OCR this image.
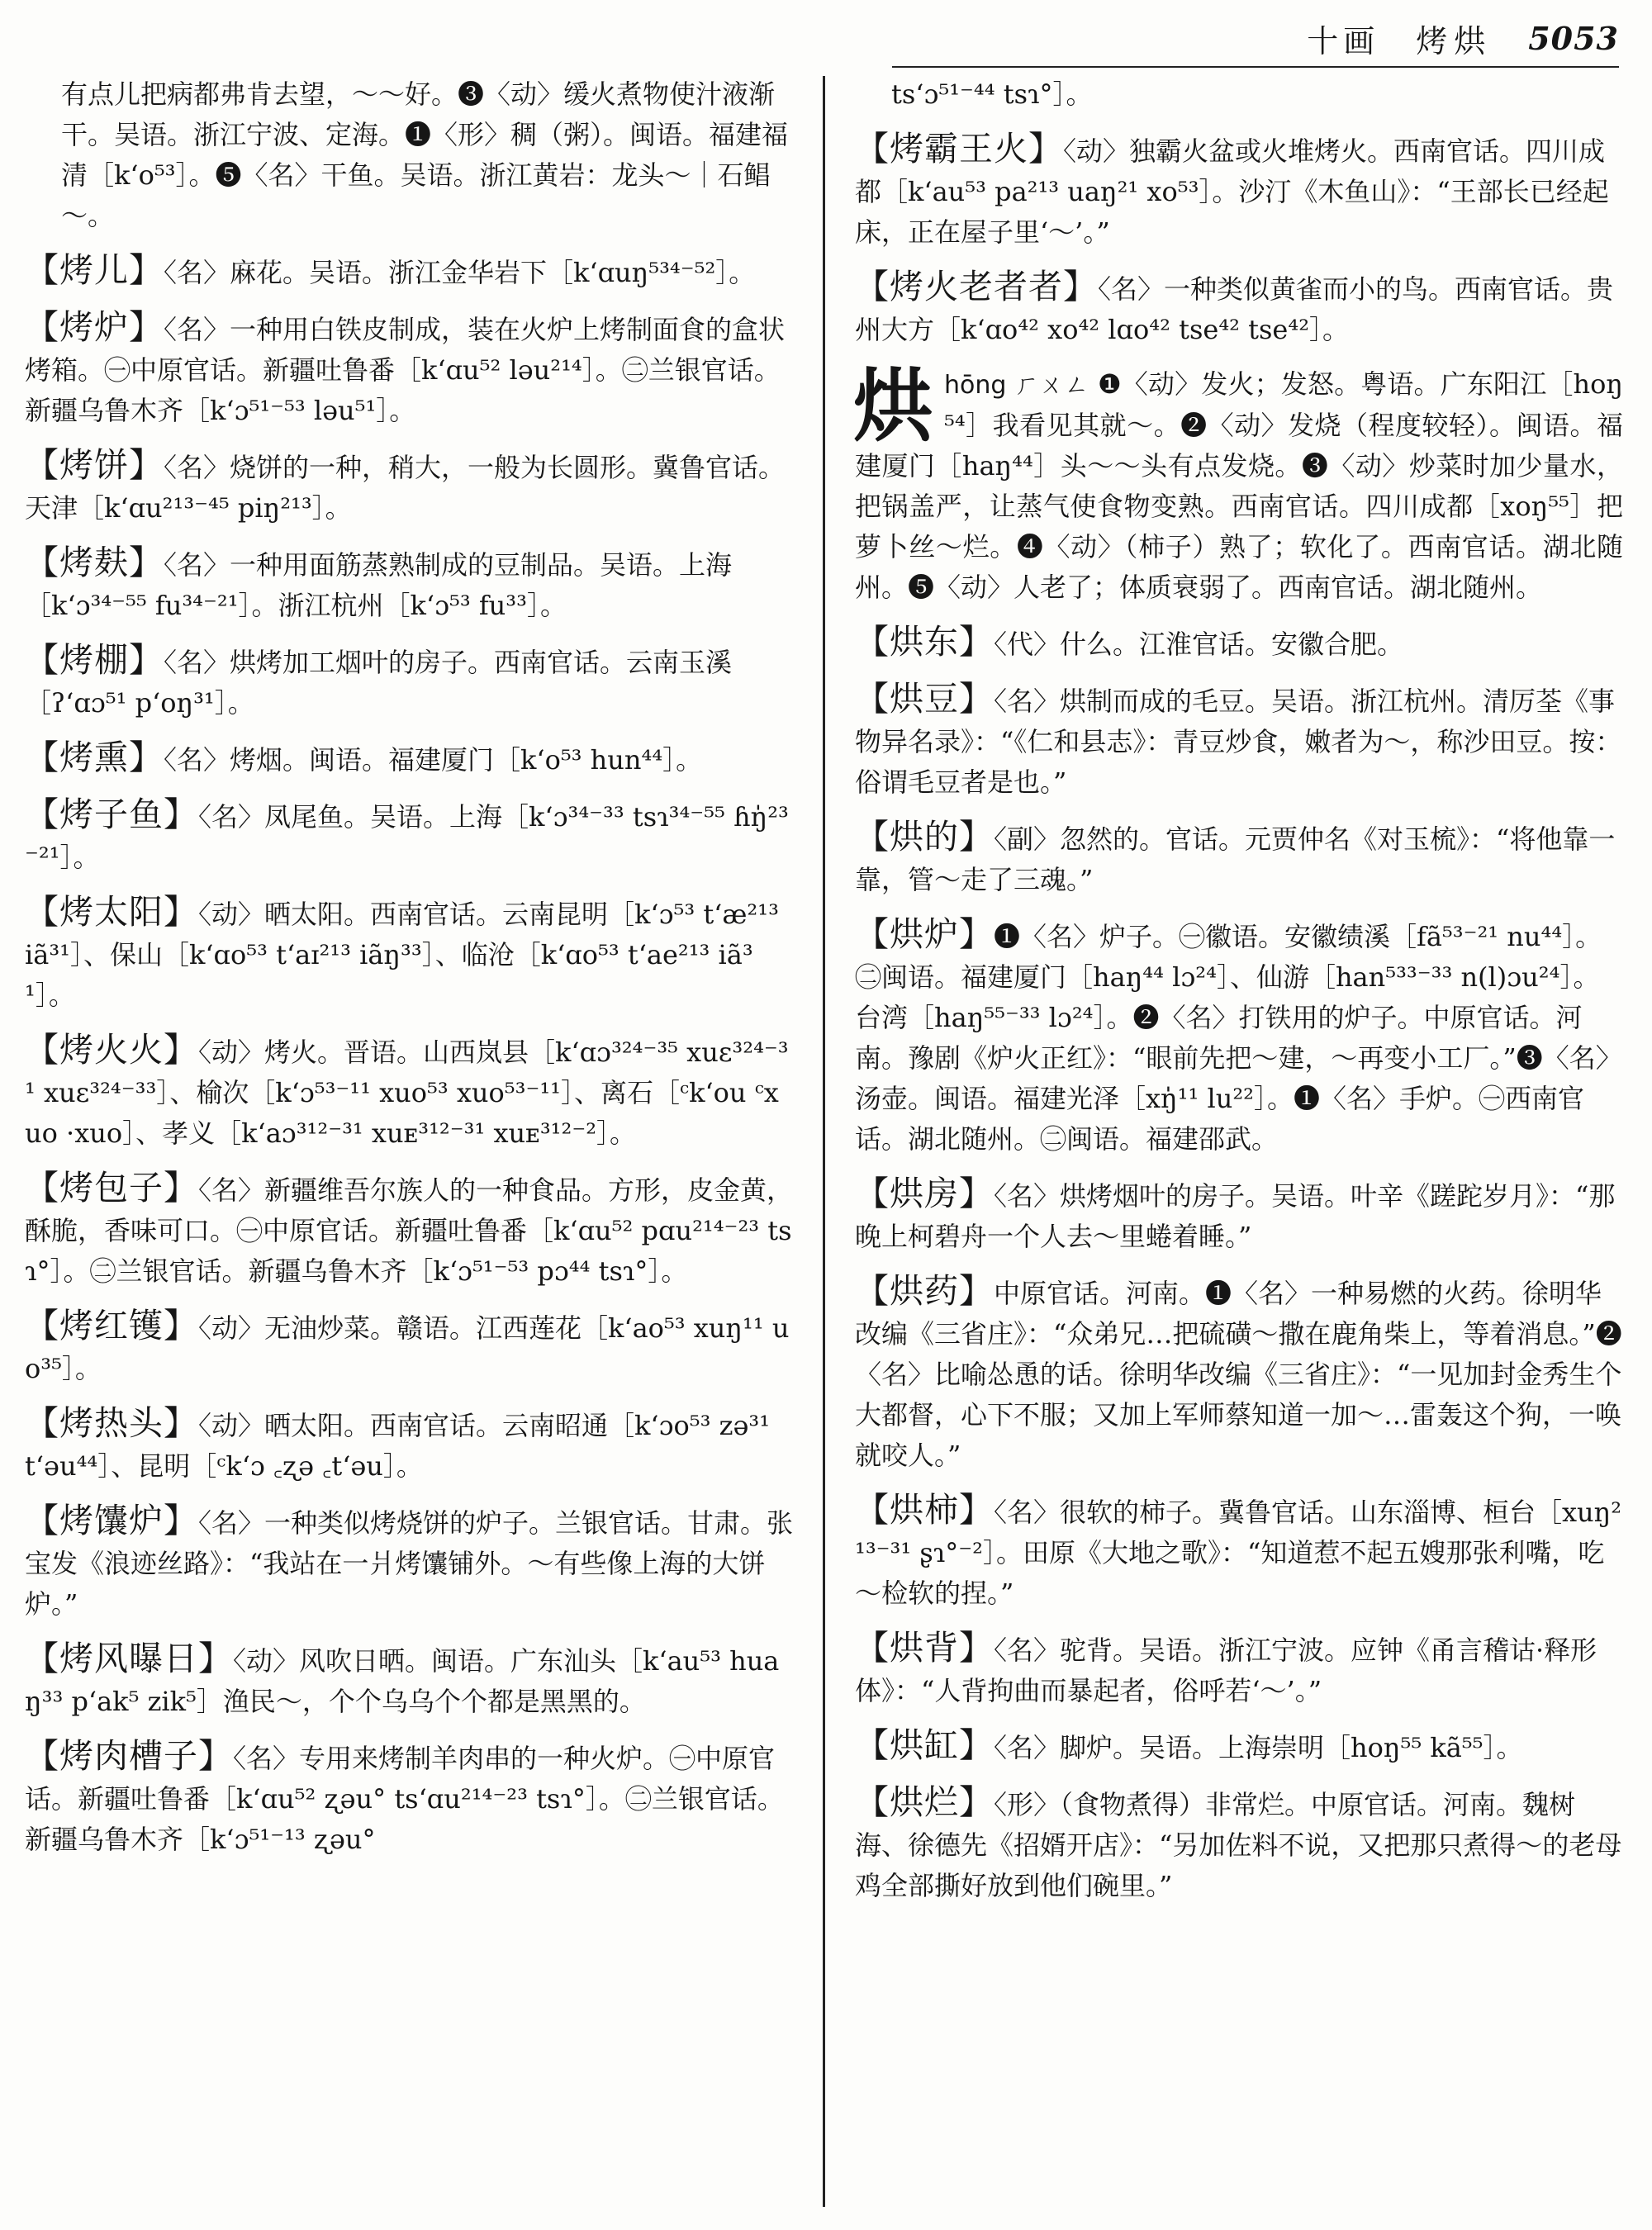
十画 烤烘 5053
有点儿把病都弗肯去望，～～好。❸〈动〉缓火煮物使汁液渐干。吴语。浙江宁波、定海。❶〈形〉稠（粥）。闽语。福建福清［k‘o⁵³］。❺〈名〉干鱼。吴语。浙江黄岩：龙头～｜石鲳～。
【烤儿】〈名〉麻花。吴语。浙江金华岩下［k‘ɑuŋ⁵³⁴⁻⁵²］。
【烤炉】〈名〉一种用白铁皮制成，装在火炉上烤制面食的盒状烤箱。㊀中原官话。新疆吐鲁番［k‘ɑu⁵² ləu²¹⁴］。㊁兰银官话。新疆乌鲁木齐［k‘ɔ⁵¹⁻⁵³ ləu⁵¹］。
【烤饼】〈名〉烧饼的一种，稍大，一般为长圆形。冀鲁官话。天津［k‘ɑu²¹³⁻⁴⁵ piŋ²¹³］。
【烤麸】〈名〉一种用面筋蒸熟制成的豆制品。吴语。上海［k‘ɔ³⁴⁻⁵⁵ fu³⁴⁻²¹］。浙江杭州［k‘ɔ⁵³ fu³³］。
【烤棚】〈名〉烘烤加工烟叶的房子。西南官话。云南玉溪［ʔ‘ɑɔ⁵¹ p‘oŋ³¹］。
【烤熏】〈名〉烤烟。闽语。福建厦门［k‘o⁵³ hun⁴⁴］。
【烤子鱼】〈名〉凤尾鱼。吴语。上海［k‘ɔ³⁴⁻³³ tsɿ³⁴⁻⁵⁵ ɦŋ̍²³⁻²¹］。
【烤太阳】〈动〉晒太阳。西南官话。云南昆明［k‘ɔ⁵³ t‘æ²¹³ iã³¹］、保山［k‘ɑo⁵³ t‘aɪ²¹³ iãŋ³³］、临沧［k‘ɑo⁵³ t‘ae²¹³ iã³¹］。
【烤火火】〈动〉烤火。晋语。山西岚县［k‘ɑɔ³²⁴⁻³⁵ xuɛ³²⁴⁻³¹ xuɛ³²⁴⁻³³］、榆次［k‘ɔ⁵³⁻¹¹ xuo⁵³ xuo⁵³⁻¹¹］、离石［ᶜk‘ou ᶜxuo ·xuo］、孝义［k‘aɔ³¹²⁻³¹ xuᴇ³¹²⁻³¹ xuᴇ³¹²⁻²］。
【烤包子】〈名〉新疆维吾尔族人的一种食品。方形，皮金黄，酥脆，香味可口。㊀中原官话。新疆吐鲁番［k‘ɑu⁵² pɑu²¹⁴⁻²³ tsɿ°］。㊁兰银官话。新疆乌鲁木齐［k‘ɔ⁵¹⁻⁵³ pɔ⁴⁴ tsɿ°］。
【烤红镬】〈动〉无油炒菜。赣语。江西莲花［k‘ao⁵³ xuŋ¹¹ uo³⁵］。
【烤热头】〈动〉晒太阳。西南官话。云南昭通［k‘ɔo⁵³ zə³¹ t‘əu⁴⁴］、昆明［ᶜk‘ɔ ꜀ʐə ꜀t‘əu］。
【烤馕炉】〈名〉一种类似烤烧饼的炉子。兰银官话。甘肃。张宝发《浪迹丝路》：“我站在一爿烤馕铺外。～有些像上海的大饼炉。”
【烤风曝日】〈动〉风吹日晒。闽语。广东汕头［k‘au⁵³ huaŋ³³ p‘ak⁵ zik⁵］渔民～，个个乌乌个个都是黑黑的。
【烤肉槽子】〈名〉专用来烤制羊肉串的一种火炉。㊀中原官话。新疆吐鲁番［k‘ɑu⁵² ʐəu° ts‘ɑu²¹⁴⁻²³ tsɿ°］。㊁兰银官话。新疆乌鲁木齐［k‘ɔ⁵¹⁻¹³ ʐəu°
ts‘ɔ⁵¹⁻⁴⁴ tsɿ°］。
【烤霸王火】〈动〉独霸火盆或火堆烤火。西南官话。四川成都［k‘au⁵³ pa²¹³ uaŋ²¹ xo⁵³］。沙汀《木鱼山》：“王部长已经起床，正在屋子里‘～’。”
【烤火老者者】〈名〉一种类似黄雀而小的鸟。西南官话。贵州大方［k‘ɑo⁴² xo⁴² lɑo⁴² tse⁴² tse⁴²］。
烘hōng ㄏㄨㄥ ❶〈动〉发火；发怒。粤语。广东阳江［hoŋ⁵⁴］我看见其就～。❷〈动〉发烧（程度较轻）。闽语。福建厦门［haŋ⁴⁴］头～～头有点发烧。❸〈动〉炒菜时加少量水，把锅盖严，让蒸气使食物变熟。西南官话。四川成都［xoŋ⁵⁵］把萝卜丝～烂。❹〈动〉（柿子）熟了；软化了。西南官话。湖北随州。❺〈动〉人老了；体质衰弱了。西南官话。湖北随州。
【烘东】〈代〉什么。江淮官话。安徽合肥。
【烘豆】〈名〉烘制而成的毛豆。吴语。浙江杭州。清厉荃《事物异名录》：“《仁和县志》：青豆炒食，嫩者为～，称沙田豆。按：俗谓毛豆者是也。”
【烘的】〈副〉忽然的。官话。元贾仲名《对玉梳》：“将他靠一靠，管～走了三魂。”
【烘炉】❶〈名〉炉子。㊀徽语。安徽绩溪［fã⁵³⁻²¹ nu⁴⁴］。㊁闽语。福建厦门［haŋ⁴⁴ lɔ²⁴］、仙游［han⁵³³⁻³³ n(l)ɔu²⁴］。台湾［haŋ⁵⁵⁻³³ lɔ²⁴］。❷〈名〉打铁用的炉子。中原官话。河南。豫剧《炉火正红》：“眼前先把～建，～再变小工厂。”❸〈名〉汤壶。闽语。福建光泽［xŋ̍¹¹ lu²²］。❶〈名〉手炉。㊀西南官话。湖北随州。㊁闽语。福建邵武。
【烘房】〈名〉烘烤烟叶的房子。吴语。叶辛《蹉跎岁月》：“那晚上柯碧舟一个人去～里蜷着睡。”
【烘药】中原官话。河南。❶〈名〉一种易燃的火药。徐明华改编《三省庄》：“众弟兄…把硫磺～撒在鹿角柴上，等着消息。”❷〈名〉比喻怂恿的话。徐明华改编《三省庄》：“一见加封金秀生个大都督，心下不服；又加上军师蔡知道一加～…雷轰这个狗，一唤就咬人。”
【烘柿】〈名〉很软的柿子。冀鲁官话。山东淄博、桓台［xuŋ²¹³⁻³¹ ʂɿ°⁻²］。田原《大地之歌》：“知道惹不起五嫂那张利嘴，吃～检软的捏。”
【烘背】〈名〉驼背。吴语。浙江宁波。应钟《甬言稽诂·释形体》：“人背拘曲而暴起者，俗呼若‘～’。”
【烘缸】〈名〉脚炉。吴语。上海崇明［hoŋ⁵⁵ kã⁵⁵］。
【烘烂】〈形〉（食物煮得）非常烂。中原官话。河南。魏树海、徐德先《招婿开店》：“另加佐料不说，又把那只煮得～的老母鸡全部撕好放到他们碗里。”
